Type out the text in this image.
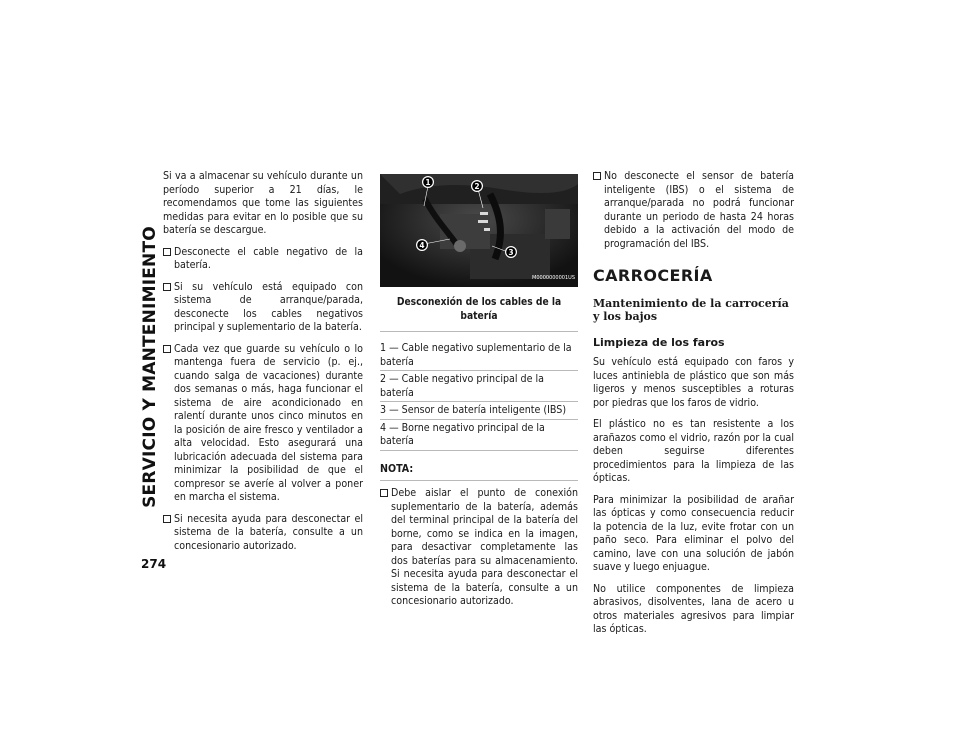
SERVICIO Y MANTENIMIENTO
274

Si va a almacenar su vehículo durante un período superior a 21 días, le recomendamos que tome las siguientes medidas para evitar en lo posible que su batería se descargue.

Desconecte el cable negativo de la batería.
Si su vehículo está equipado con sistema de arranque/parada, desconecte los cables negativos principal y suplementario de la batería.
Cada vez que guarde su vehículo o lo mantenga fuera de servicio (p. ej., cuando salga de vacaciones) durante dos semanas o más, haga funcionar el sistema de aire acondicionado en ralentí durante unos cinco minutos en la posición de aire fresco y ventilador a alta velocidad. Esto asegurará una lubricación adecuada del sistema para minimizar la posibilidad de que el compresor se averíe al volver a poner en marcha el sistema.
Si necesita ayuda para desconectar el sistema de la batería, consulte a un concesionario autorizado.
1	2
3
4
M0000000001US
Desconexión de los cables de la batería
1 — Cable negativo suplementario de la batería
2 — Cable negativo principal de la batería
3 — Sensor de batería inteligente (IBS)
4 — Borne negativo principal de la batería
NOTA:
Debe aislar el punto de conexión suplementario de la batería, además del terminal principal de la batería del borne, como se indica en la imagen, para desactivar completamente las dos baterías para su almacenamiento. Si necesita ayuda para desconectar el sistema de la batería, consulte a un concesionario autorizado.
No desconecte el sensor de batería inteligente (IBS) o el sistema de arranque/parada no podrá funcionar durante un periodo de hasta 24 horas debido a la activación del modo de programación del IBS.
CARROCERÍA
Mantenimiento de la carrocería y los bajos
Limpieza de los faros

Su vehículo está equipado con faros y luces antiniebla de plástico que son más ligeros y menos susceptibles a roturas por piedras que los faros de vidrio.

El plástico no es tan resistente a los arañazos como el vidrio, razón por la cual deben seguirse diferentes procedimientos para la limpieza de las ópticas.

Para minimizar la posibilidad de arañar las ópticas y como consecuencia reducir la potencia de la luz, evite frotar con un paño seco. Para eliminar el polvo del camino, lave con una solución de jabón suave y luego enjuague.

No utilice componentes de limpieza abrasivos, disolventes, lana de acero u otros materiales agresivos para limpiar las ópticas.
